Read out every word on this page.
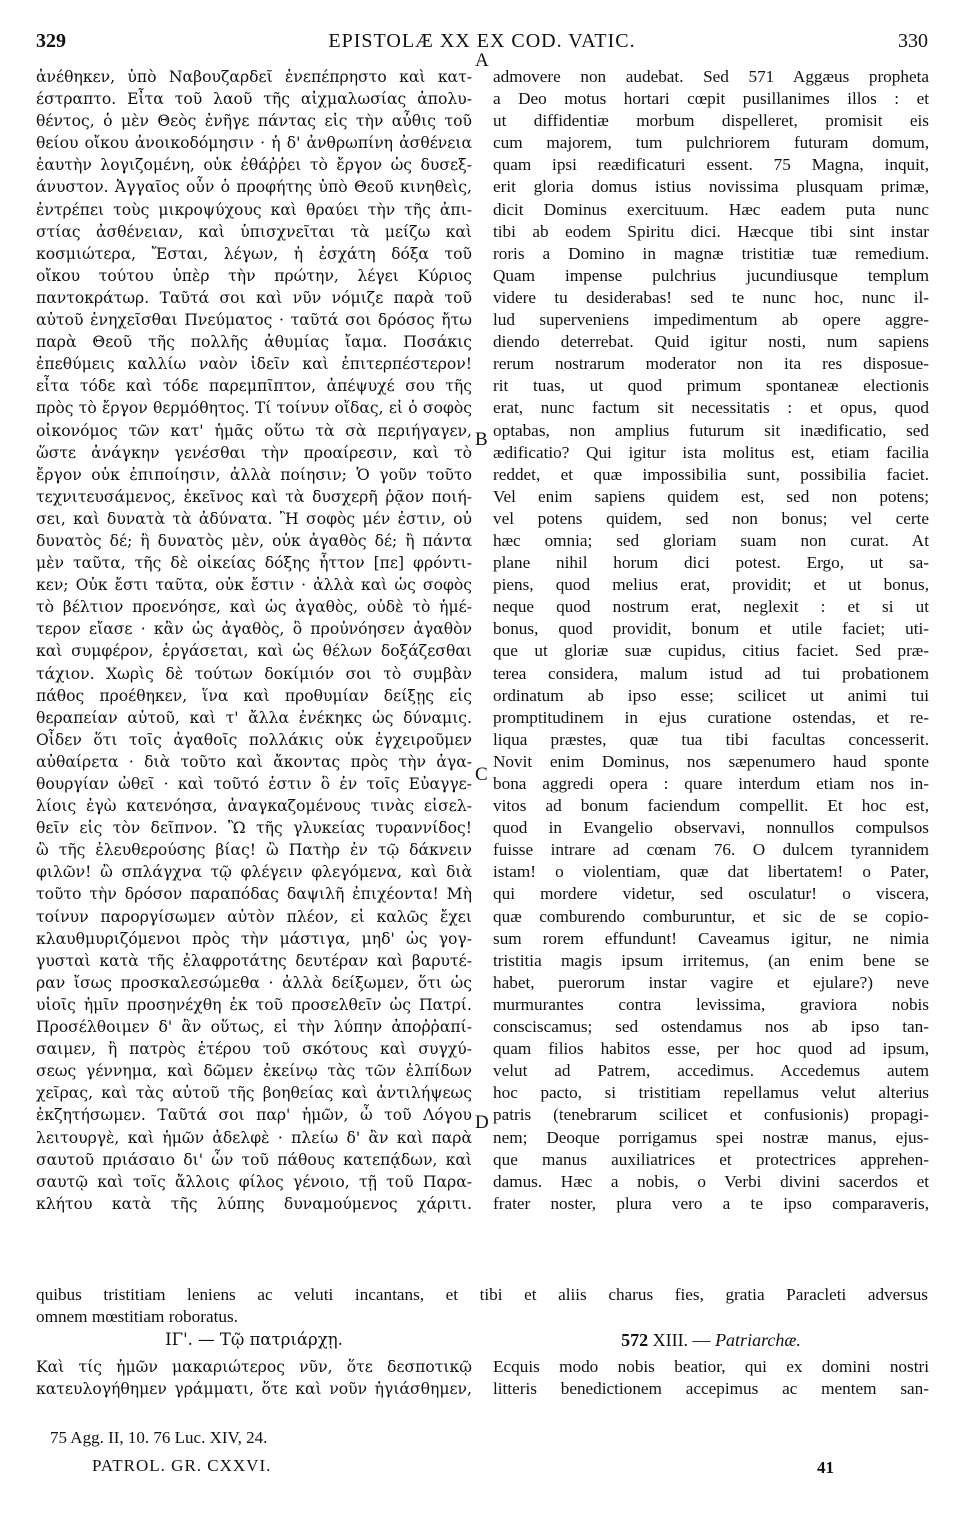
329	EPISTOLÆ XX EX COD. VATIC.	330
ἀνέθηκεν, ὑπὸ Ναβουζαρδεῖ ἐνεπέπρηστο καὶ κατ-
έστραπτο. Εἶτα τοῦ λαοῦ τῆς αἰχμαλωσίας ἀπολυ-
θέντος, ὁ μὲν Θεὸς ἐνῆγε πάντας εἰς τὴν αὖθις τοῦ
θείου οἴκου ἀνοικοδόμησιν · ἡ δ' ἀνθρωπίνη ἀσθένεια
ἑαυτὴν λογιζομένη, οὐκ ἐθάῤῥει τὸ ἔργον ὡς δυσεξ-
άνυστον. Ἀγγαῖος οὖν ὁ προφήτης ὑπὸ Θεοῦ κινηθεὶς,
ἐντρέπει τοὺς μικροψύχους καὶ θραύει τὴν τῆς ἀπι-
στίας ἀσθένειαν, καὶ ὑπισχνεῖται τὰ μείζω καὶ
κοσμιώτερα, Ἔσται, λέγων, ἡ ἐσχάτη δόξα τοῦ
οἴκου τούτου ὑπὲρ τὴν πρώτην, λέγει Κύριος
παντοκράτωρ. Ταῦτά σοι καὶ νῦν νόμιζε παρὰ τοῦ
αὐτοῦ ἐνηχεῖσθαι Πνεύματος · ταῦτά σοι δρόσος ἤτω
παρὰ Θεοῦ τῆς πολλῆς ἀθυμίας ἴαμα. Ποσάκις
ἐπεθύμεις καλλίω ναὸν ἰδεῖν καὶ ἐπιτερπέστερον!
εἶτα τόδε καὶ τόδε παρεμπῖπτον, ἀπέψυχέ σου τῆς
πρὸς τὸ ἔργον θερμόθητος. Τί τοίνυν οἴδας, εἰ ὁ σοφὸς
οἰκονόμος τῶν κατ' ἡμᾶς οὕτω τὰ σὰ περιήγαγεν,
ὥστε ἀνάγκην γενέσθαι τὴν προαίρεσιν, καὶ τὸ
ἔργον οὐκ ἐπιποίησιν, ἀλλὰ ποίησιν; Ὁ γοῦν τοῦτο
τεχνιτευσάμενος, ἐκεῖνος καὶ τὰ δυσχερῆ ῥᾷον ποιή-
σει, καὶ δυνατὰ τὰ ἀδύνατα. Ἢ σοφὸς μέν ἐστιν, οὐ
δυνατὸς δέ; ἢ δυνατὸς μὲν, οὐκ ἀγαθὸς δέ; ἢ πάντα
μὲν ταῦτα, τῆς δὲ οἰκείας δόξης ἧττον [πε] φρόντι-
κεν; Οὐκ ἔστι ταῦτα, οὐκ ἔστιν · ἀλλὰ καὶ ὡς σοφὸς
τὸ βέλτιον προενόησε, καὶ ὡς ἀγαθὸς, οὐδὲ τὸ ἡμέ-
τερον εἴασε · κἂν ὡς ἀγαθὸς, ὃ προὐνόησεν ἀγαθὸν
καὶ συμφέρον, ἐργάσεται, καὶ ὡς θέλων δοξάζεσθαι
τάχιον. Χωρὶς δὲ τούτων δοκίμιόν σοι τὸ συμβὰν
πάθος προέθηκεν, ἵνα καὶ προθυμίαν δείξῃς εἰς
θεραπείαν αὐτοῦ, καὶ τ' ἄλλα ἐνέκηκς ὡς δύναμις.
Οἶδεν ὅτι τοῖς ἀγαθοῖς πολλάκις οὐκ ἐγχειροῦμεν
αὐθαίρετα · διὰ τοῦτο καὶ ἄκοντας πρὸς τὴν ἀγα-
θουργίαν ὠθεῖ · καὶ τοῦτό ἐστιν ὃ ἐν τοῖς Εὐαγγε-
λίοις ἐγὼ κατενόησα, ἀναγκαζομένους τινὰς εἰσελ-
θεῖν εἰς τὸν δεῖπνον. Ὢ τῆς γλυκείας τυραννίδος!
ὢ τῆς ἐλευθερούσης βίας! ὢ Πατὴρ ἐν τῷ δάκνειν
φιλῶν! ὢ σπλάγχνα τῷ φλέγειν φλεγόμενα, καὶ διὰ
τοῦτο τὴν δρόσον παραπόδας δαψιλῆ ἐπιχέοντα! Μὴ
τοίνυν παροργίσωμεν αὐτὸν πλέον, εἰ καλῶς ἔχει
κλαυθμυριζόμενοι πρὸς τὴν μάστιγα, μηδ' ὡς γογ-
γυσταὶ κατὰ τῆς ἐλαφροτάτης δευτέραν καὶ βαρυτέ-
ραν ἴσως προσκαλεσώμεθα · ἀλλὰ δείξωμεν, ὅτι ὡς
υἱοῖς ἡμῖν προσηνέχθη ἐκ τοῦ προσελθεῖν ὡς Πατρί.
Προσέλθοιμεν δ' ἂν οὕτως, εἰ τὴν λύπην ἀποῤῥαπί-
σαιμεν, ἢ πατρὸς ἑτέρου τοῦ σκότους καὶ συγχύ-
σεως γέννημα, καὶ δῶμεν ἐκείνῳ τὰς τῶν ἐλπίδων
χεῖρας, καὶ τὰς αὐτοῦ τῆς βοηθείας καὶ ἀντιλήψεως
ἐκζητήσωμεν. Ταῦτά σοι παρ' ἡμῶν, ὦ τοῦ Λόγου
λειτουργὲ, καὶ ἡμῶν ἀδελφὲ · πλείω δ' ἂν καὶ παρὰ
σαυτοῦ πριάσαιο δι' ὧν τοῦ πάθους κατεπᾴδων, καὶ
σαυτῷ καὶ τοῖς ἄλλοις φίλος γένοιο, τῇ τοῦ Παρα-
κλήτου κατὰ τῆς λύπης δυναμούμενος χάριτι.
admovere non audebat. Sed 571 Aggæus propheta
a Deo motus hortari cœpit pusillanimes illos : et
ut diffidentiæ morbum dispelleret, promisit eis
cum majorem, tum pulchriorem futuram domum,
quam ipsi reædificaturi essent. 75 Magna, inquit,
erit gloria domus istius novissima plusquam primæ,
dicit Dominus exercituum. Hæc eadem puta nunc
tibi ab eodem Spiritu dici. Hæcque tibi sint instar
roris a Domino in magnæ tristitiæ tuæ remedium.
Quam impense pulchrius jucundiusque templum
videre tu desiderabas! sed te nunc hoc, nunc il-
lud superveniens impedimentum ab opere aggre-
diendo deterrebat. Quid igitur nosti, num sapiens
rerum nostrarum moderator non ita res disposue-
rit tuas, ut quod primum spontaneæ electionis
erat, nunc factum sit necessitatis : et opus, quod
optabas, non amplius futurum sit inædificatio, sed
ædificatio? Qui igitur ista molitus est, etiam facilia
reddet, et quæ impossibilia sunt, possibilia faciet.
Vel enim sapiens quidem est, sed non potens;
vel potens quidem, sed non bonus; vel certe
hæc omnia; sed gloriam suam non curat. At
plane nihil horum dici potest. Ergo, ut sa-
piens, quod melius erat, providit; et ut bonus,
neque quod nostrum erat, neglexit : et si ut
bonus, quod providit, bonum et utile faciet; uti-
que ut gloriæ suæ cupidus, citius faciet. Sed præ-
terea considera, malum istud ad tui probationem
ordinatum ab ipso esse; scilicet ut animi tui
promptitudinem in ejus curatione ostendas, et re-
liqua præstes, quæ tua tibi facultas concesserit.
Novit enim Dominus, nos sæpenumero haud sponte
bona aggredi opera : quare interdum etiam nos in-
vitos ad bonum faciendum compellit. Et hoc est,
quod in Evangelio observavi, nonnullos compulsos
fuisse intrare ad cœnam 76. O dulcem tyrannidem
istam! o violentiam, quæ dat libertatem! o Pater,
qui mordere videtur, sed osculatur! o viscera,
quæ comburendo comburuntur, et sic de se copio-
sum rorem effundunt! Caveamus igitur, ne nimia
tristitia magis ipsum irritemus, (an enim bene se
habet, puerorum instar vagire et ejulare?) neve
murmurantes contra levissima, graviora nobis
consciscamus; sed ostendamus nos ab ipso tan-
quam filios habitos esse, per hoc quod ad ipsum,
velut ad Patrem, accedimus. Accedemus autem
hoc pacto, si tristitiam repellamus velut alterius
patris (tenebrarum scilicet et confusionis) propagi-
nem; Deoque porrigamus spei nostræ manus, ejus-
que manus auxiliatrices et protectrices apprehen-
damus. Hæc a nobis, o Verbi divini sacerdos et
frater noster, plura vero a te ipso comparaveris,
A
B
C
D
quibus tristitiam leniens ac veluti incantans, et tibi et aliis charus fies, gratia Paracleti adversus
omnem mœstitiam roboratus.
ΙΓ'. — Τῷ πατριάρχῃ.	572 XIII. — Patriarchæ.
Καὶ τίς ἡμῶν μακαριώτερος νῦν, ὅτε δεσποτικῷ
κατευλογήθημεν γράμματι, ὅτε καὶ νοῦν ἡγιάσθημεν,
Ecquis modo nobis beatior, qui ex domini nostri
litteris benedictionem accepimus ac mentem san-
75 Agg. II, 10. 76 Luc. XIV, 24.
PATROL. GR. CXXVI.	41
